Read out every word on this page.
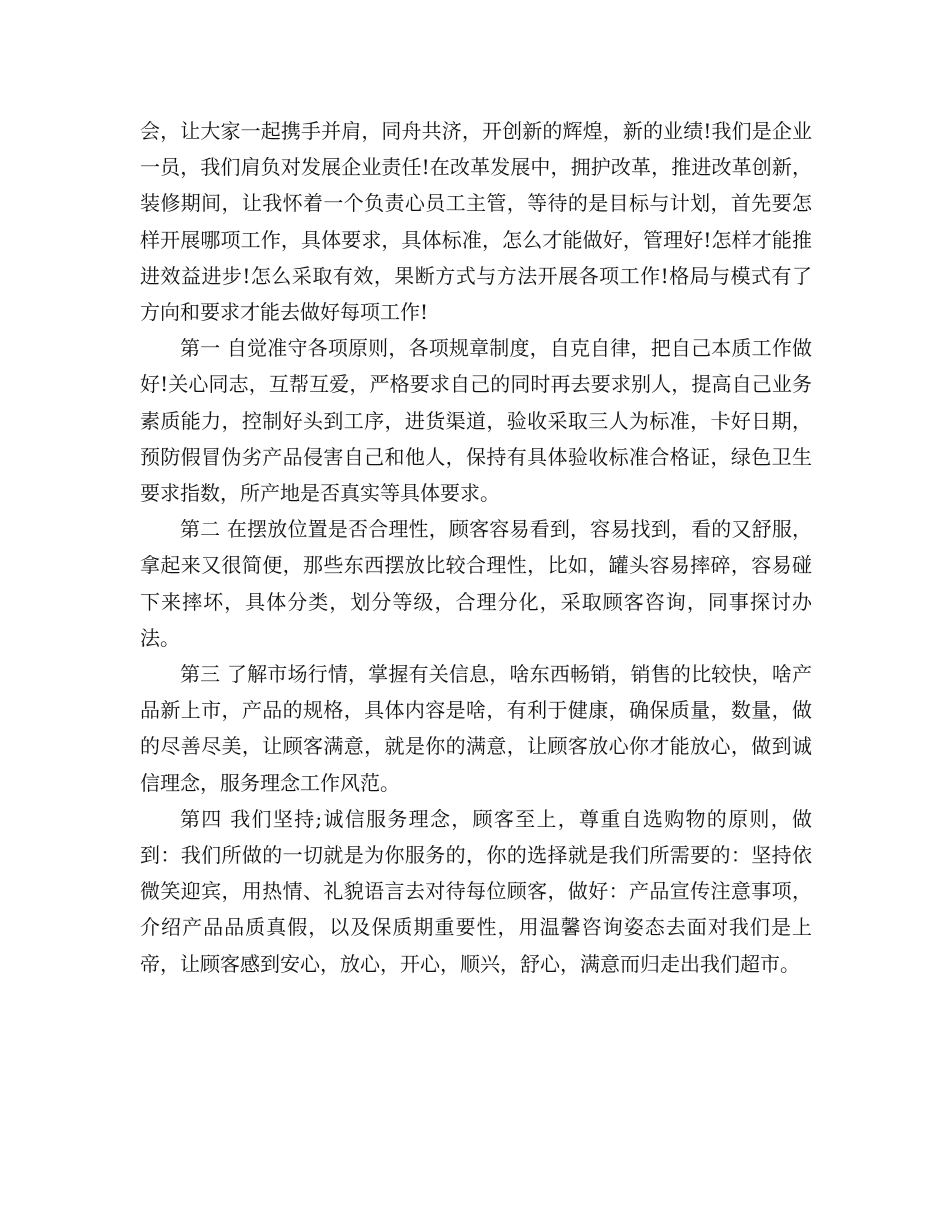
会，让大家一起携手并肩，同舟共济，开创新的辉煌，新的业绩!我们是企业一员，我们肩负对发展企业责任!在改革发展中，拥护改革，推进改革创新，装修期间，让我怀着一个负责心员工主管，等待的是目标与计划，首先要怎样开展哪项工作，具体要求，具体标准，怎么才能做好，管理好!怎样才能推进效益进步!怎么采取有效，果断方式与方法开展各项工作!格局与模式有了方向和要求才能去做好每项工作!

第一 自觉准守各项原则，各项规章制度，自克自律，把自己本质工作做好!关心同志，互帮互爱，严格要求自己的同时再去要求别人，提高自己业务素质能力，控制好头到工序，进货渠道，验收采取三人为标准，卡好日期，预防假冒伪劣产品侵害自己和他人，保持有具体验收标准合格证，绿色卫生要求指数，所产地是否真实等具体要求。

第二 在摆放位置是否合理性，顾客容易看到，容易找到，看的又舒服，拿起来又很简便，那些东西摆放比较合理性，比如，罐头容易摔碎，容易碰下来摔坏，具体分类，划分等级，合理分化，采取顾客咨询，同事探讨办法。

第三 了解市场行情，掌握有关信息，啥东西畅销，销售的比较快，啥产品新上市，产品的规格，具体内容是啥，有利于健康，确保质量，数量，做的尽善尽美，让顾客满意，就是你的满意，让顾客放心你才能放心，做到诚信理念，服务理念工作风范。

第四 我们坚持;诚信服务理念，顾客至上，尊重自选购物的原则，做到：我们所做的一切就是为你服务的，你的选择就是我们所需要的：坚持依微笑迎宾，用热情、礼貌语言去对待每位顾客，做好：产品宣传注意事项，介绍产品品质真假，以及保质期重要性，用温馨咨询姿态去面对我们是上帝，让顾客感到安心，放心，开心，顺兴，舒心，满意而归走出我们超市。
